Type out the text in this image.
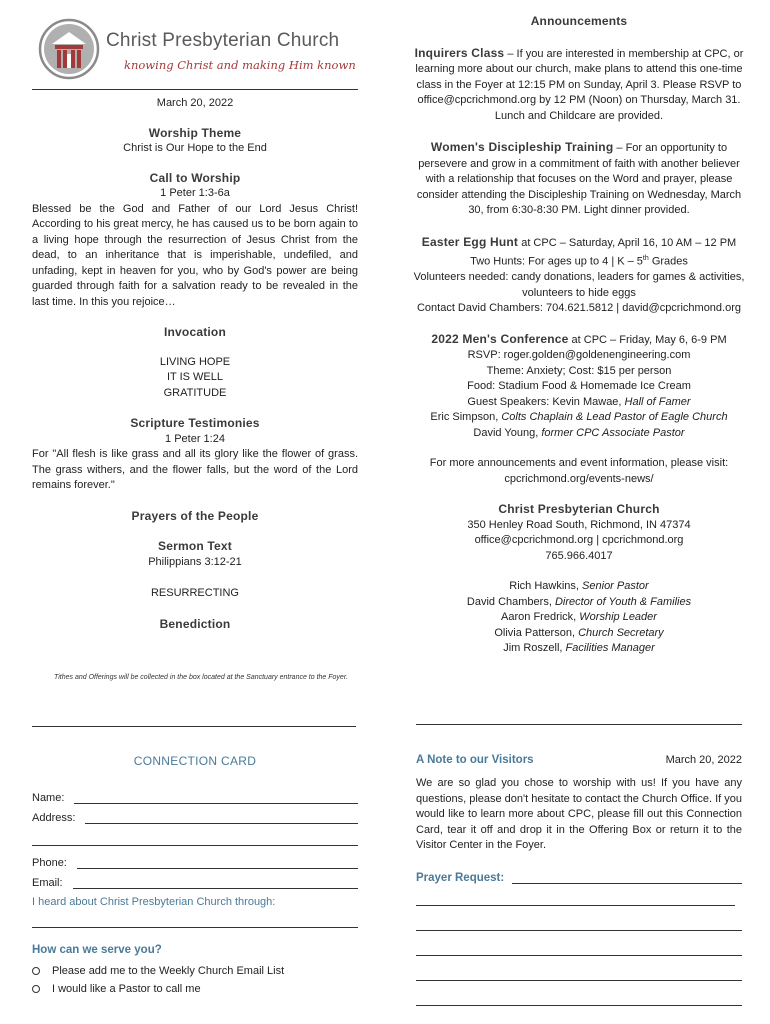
Christ Presbyterian Church
knowing Christ and making Him known

March 20, 2022

Worship Theme

Christ is Our Hope to the End

Call to Worship

1 Peter 1:3-6a

Blessed be the God and Father of our Lord Jesus Christ! According to his great mercy, he has caused us to be born again to a living hope through the resurrection of Jesus Christ from the dead, to an inheritance that is imperishable, undefiled, and unfading, kept in heaven for you, who by God's power are being guarded through faith for a salvation ready to be revealed in the last time. In this you rejoice…

Invocation

LIVING HOPE

IT IS WELL

GRATITUDE

Scripture Testimonies

1 Peter 1:24

For "All flesh is like grass and all its glory like the flower of grass. The grass withers, and the flower falls, but the word of the Lord remains forever."

Prayers of the People

Sermon Text

Philippians 3:12-21

RESURRECTING

Benediction

Tithes and Offerings will be collected in the box located at the Sanctuary entrance to the Foyer.

Announcements

Inquirers Class – If you are interested in membership at CPC, or learning more about our church, make plans to attend this one-time class in the Foyer at 12:15 PM on Sunday, April 3. Please RSVP to office@cpcrichmond.org by 12 PM (Noon) on Thursday, March 31. Lunch and Childcare are provided.

Women's Discipleship Training – For an opportunity to persevere and grow in a commitment of faith with another believer with a relationship that focuses on the Word and prayer, please consider attending the Discipleship Training on Wednesday, March 30, from 6:30-8:30 PM. Light dinner provided.

Easter Egg Hunt at CPC – Saturday, April 16, 10 AM – 12 PM

Two Hunts: For ages up to 4 | K – 5th Grades

Volunteers needed: candy donations, leaders for games & activities, volunteers to hide eggs

Contact David Chambers: 704.621.5812 | david@cpcrichmond.org

2022 Men's Conference at CPC – Friday, May 6, 6-9 PM

RSVP: roger.golden@goldenengineering.com

Theme: Anxiety; Cost: $15 per person

Food: Stadium Food & Homemade Ice Cream

Guest Speakers: Kevin Mawae, Hall of Famer

Eric Simpson, Colts Chaplain & Lead Pastor of Eagle Church

David Young, former CPC Associate Pastor

For more announcements and event information, please visit:

cpcrichmond.org/events-news/

Christ Presbyterian Church

350 Henley Road South, Richmond, IN 47374

office@cpcrichmond.org | cpcrichmond.org

765.966.4017

Rich Hawkins, Senior Pastor

David Chambers, Director of Youth & Families

Aaron Fredrick, Worship Leader

Olivia Patterson, Church Secretary

Jim Roszell, Facilities Manager

CONNECTION CARD

Name:
Address:
Phone:
Email:

I heard about Christ Presbyterian Church through:

How can we serve you?

Please add me to the Weekly Church Email List
I would like a Pastor to call me
A Note to our Visitors	March 20, 2022

We are so glad you chose to worship with us! If you have any questions, please don't hesitate to contact the Church Office. If you would like to learn more about CPC, please fill out this Connection Card, tear it off and drop it in the Offering Box or return it to the Visitor Center in the Foyer.

Prayer Request:
